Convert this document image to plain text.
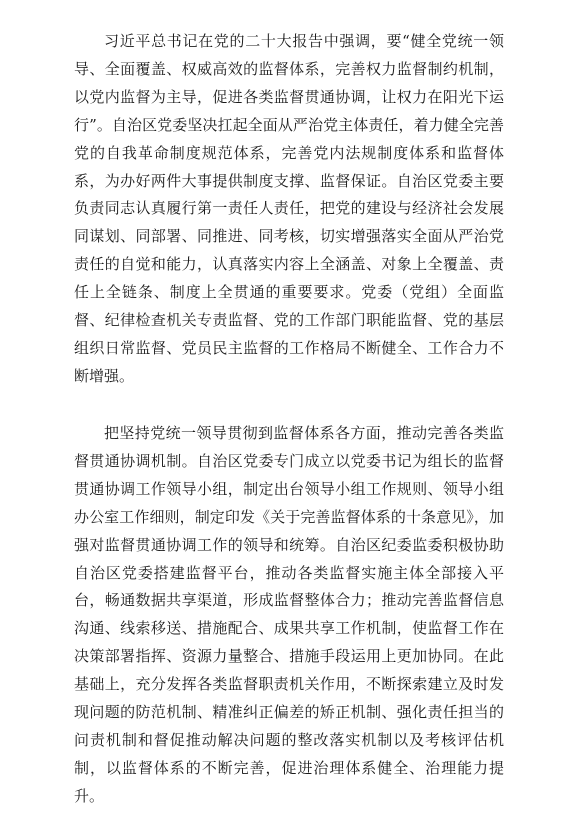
习近平总书记在党的二十大报告中强调，要“健全党统一领导、全面覆盖、权威高效的监督体系，完善权力监督制约机制，以党内监督为主导，促进各类监督贯通协调，让权力在阳光下运行”。自治区党委坚决扛起全面从严治党主体责任，着力健全完善党的自我革命制度规范体系，完善党内法规制度体系和监督体系，为办好两件大事提供制度支撑、监督保证。自治区党委主要负责同志认真履行第一责任人责任，把党的建设与经济社会发展同谋划、同部署、同推进、同考核，切实增强落实全面从严治党责任的自觉和能力，认真落实内容上全涵盖、对象上全覆盖、责任上全链条、制度上全贯通的重要要求。党委（党组）全面监督、纪律检查机关专责监督、党的工作部门职能监督、党的基层组织日常监督、党员民主监督的工作格局不断健全、工作合力不断增强。

把坚持党统一领导贯彻到监督体系各方面，推动完善各类监督贯通协调机制。自治区党委专门成立以党委书记为组长的监督贯通协调工作领导小组，制定出台领导小组工作规则、领导小组办公室工作细则，制定印发《关于完善监督体系的十条意见》，加强对监督贯通协调工作的领导和统筹。自治区纪委监委积极协助自治区党委搭建监督平台，推动各类监督实施主体全部接入平台，畅通数据共享渠道，形成监督整体合力；推动完善监督信息沟通、线索移送、措施配合、成果共享工作机制，使监督工作在决策部署指挥、资源力量整合、措施手段运用上更加协同。在此基础上，充分发挥各类监督职责机关作用，不断探索建立及时发现问题的防范机制、精准纠正偏差的矫正机制、强化责任担当的问责机制和督促推动解决问题的整改落实机制以及考核评估机制，以监督体系的不断完善，促进治理体系健全、治理能力提升。
